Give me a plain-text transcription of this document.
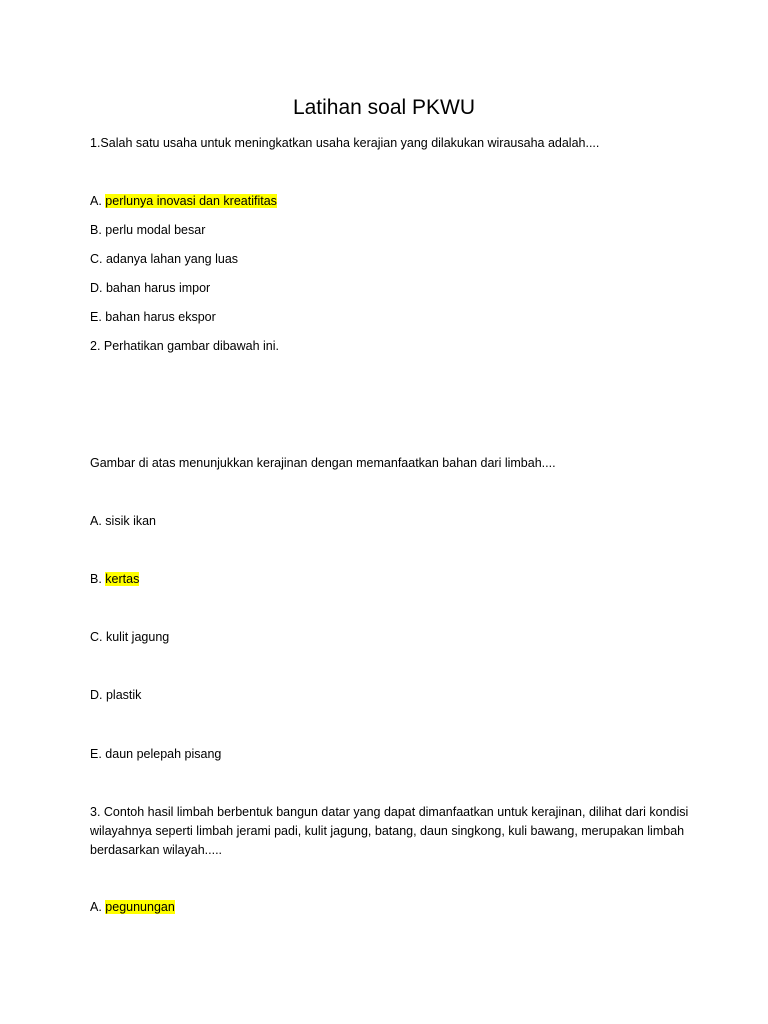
Latihan soal PKWU

1.Salah satu usaha untuk meningkatkan usaha kerajian yang dilakukan wirausaha adalah....

A. perlunya inovasi dan kreatifitas

B. perlu modal besar

C. adanya lahan yang luas

D. bahan harus impor

E. bahan harus ekspor

2. Perhatikan gambar dibawah ini.

Gambar di atas menunjukkan kerajinan dengan memanfaatkan bahan dari limbah....

A. sisik ikan

B. kertas

C. kulit jagung

D. plastik

E. daun pelepah pisang

3. Contoh hasil limbah berbentuk bangun datar yang dapat dimanfaatkan untuk kerajinan, dilihat dari kondisi wilayahnya seperti limbah jerami padi, kulit jagung, batang, daun singkong, kuli bawang, merupakan limbah berdasarkan wilayah.....

A. pegunungan
